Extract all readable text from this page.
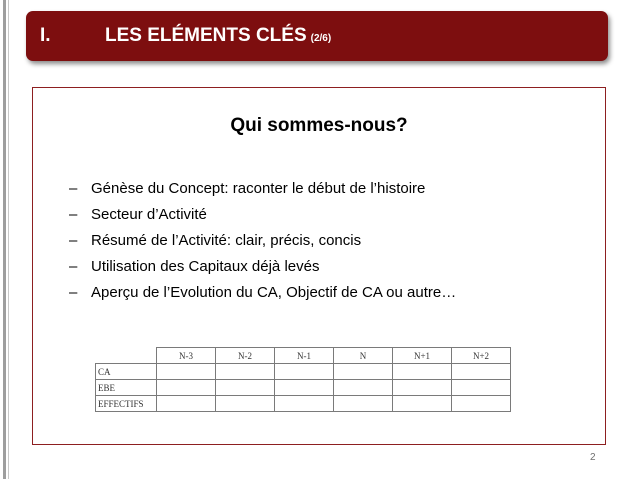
I.	LES ELÉMENTS CLÉS (2/6)
Qui sommes-nous?
– Génèse du Concept: raconter le début de l’histoire
– Secteur d’Activité
– Résumé de l’Activité: clair, précis, concis
– Utilisation des Capitaux déjà levés
– Aperçu de l’Evolution du CA, Objectif de CA ou autre…
	N-3	N-2	N-1	N	N+1	N+2
CA						
EBE						
EFFECTIFS						
2
